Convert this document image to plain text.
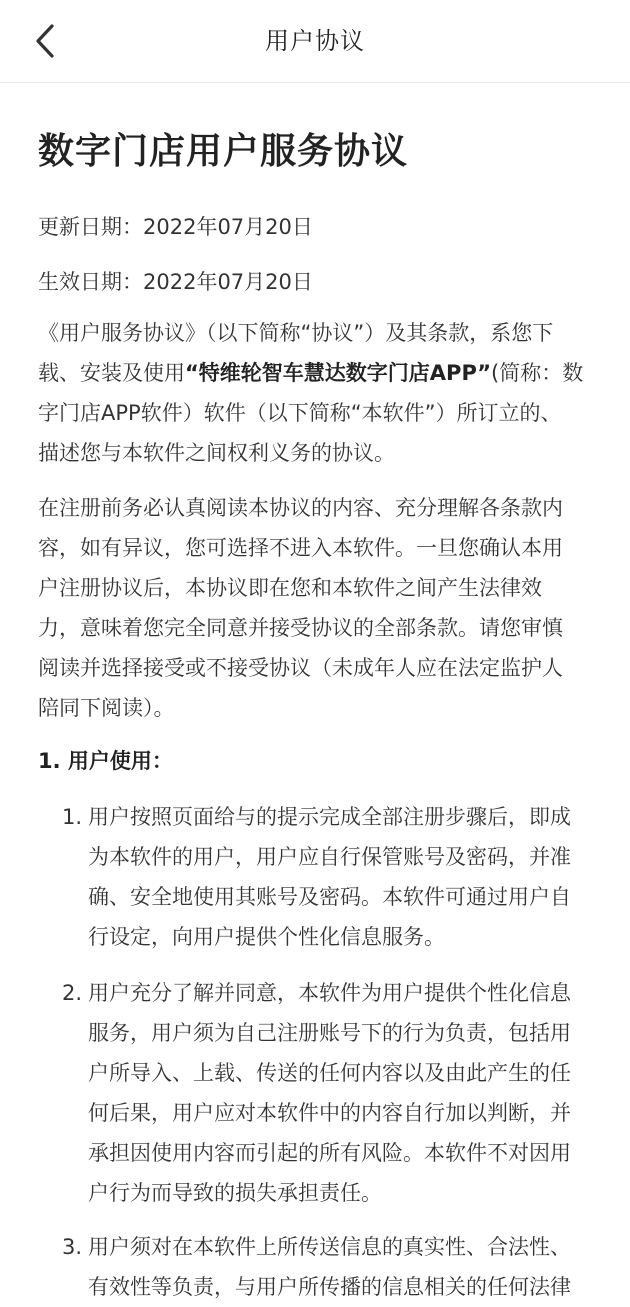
用户协议
数字门店用户服务协议
更新日期：2022年07月20日
生效日期：2022年07月20日
《用户服务协议》（以下简称“协议”）及其条款，系您下
载、安装及使用“特维轮智车慧达数字门店APP”(简称：数
字门店APP软件）软件（以下简称“本软件”）所订立的、
描述您与本软件之间权利义务的协议。
在注册前务必认真阅读本协议的内容、充分理解各条款内
容，如有异议，您可选择不进入本软件。一旦您确认本用
户注册协议后，本协议即在您和本软件之间产生法律效
力，意味着您完全同意并接受协议的全部条款。请您审慎
阅读并选择接受或不接受协议（未成年人应在法定监护人
陪同下阅读）。
1. 用户使用：
1. 用户按照页面给与的提示完成全部注册步骤后，即成
为本软件的用户，用户应自行保管账号及密码，并准
确、安全地使用其账号及密码。本软件可通过用户自
行设定，向用户提供个性化信息服务。
2. 用户充分了解并同意，本软件为用户提供个性化信息
服务，用户须为自己注册账号下的行为负责，包括用
户所导入、上载、传送的任何内容以及由此产生的任
何后果，用户应对本软件中的内容自行加以判断，并
承担因使用内容而引起的所有风险。本软件不对因用
户行为而导致的损失承担责任。
3. 用户须对在本软件上所传送信息的真实性、合法性、
有效性等负责，与用户所传播的信息相关的任何法律
